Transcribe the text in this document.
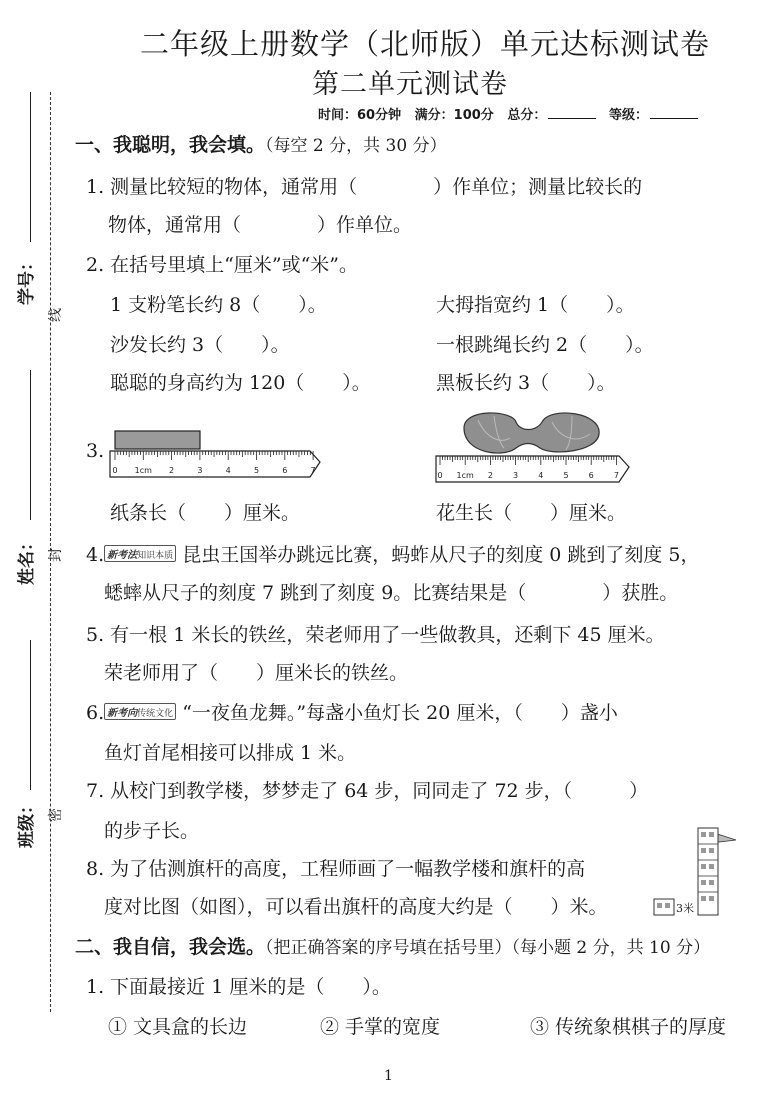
二年级上册数学（北师版）单元达标测试卷
第二单元测试卷
时间：60分钟 满分：100分 总分：	等级：
学号：
线
姓名： 封
班级： 密
一、我聪明，我会填。（每空 2 分，共 30 分）
1. 测量比较短的物体，通常用（　　　　）作单位；测量比较长的
物体，通常用（　　　　）作单位。
2. 在括号里填上“厘米”或“米”。
1 支粉笔长约 8（　　）。	大拇指宽约 1（　　）。
沙发长约 3（　　）。	一根跳绳长约 2（　　）。
聪聪的身高约为 120（　　）。	黑板长约 3（　　）。
3.
0 1cm 2	3	4	5	6	7
纸条长（　　）厘米。
0 1cm 2	3	4	5	6	7
花生长（　　）厘米。
4. 新考法知识本质 昆虫王国举办跳远比赛，蚂蚱从尺子的刻度 0 跳到了刻度 5，
蟋蟀从尺子的刻度 7 跳到了刻度 9。比赛结果是（　　　　）获胜。
5. 有一根 1 米长的铁丝，荣老师用了一些做教具，还剩下 45 厘米。
荣老师用了（　　）厘米长的铁丝。
6. 新考向传统文化 “一夜鱼龙舞。”每盏小鱼灯长 20 厘米，（　　）盏小
鱼灯首尾相接可以排成 1 米。
7. 从校门到教学楼，梦梦走了 64 步，同同走了 72 步，（　　　）
的步子长。
8. 为了估测旗杆的高度，工程师画了一幅教学楼和旗杆的高
度对比图（如图），可以看出旗杆的高度大约是（　　）米。	3米
二、我自信，我会选。（把正确答案的序号填在括号里）（每小题 2 分，共 10 分）
1. 下面最接近 1 厘米的是（　　）。
① 文具盒的长边	② 手掌的宽度	③ 传统象棋棋子的厚度
1
